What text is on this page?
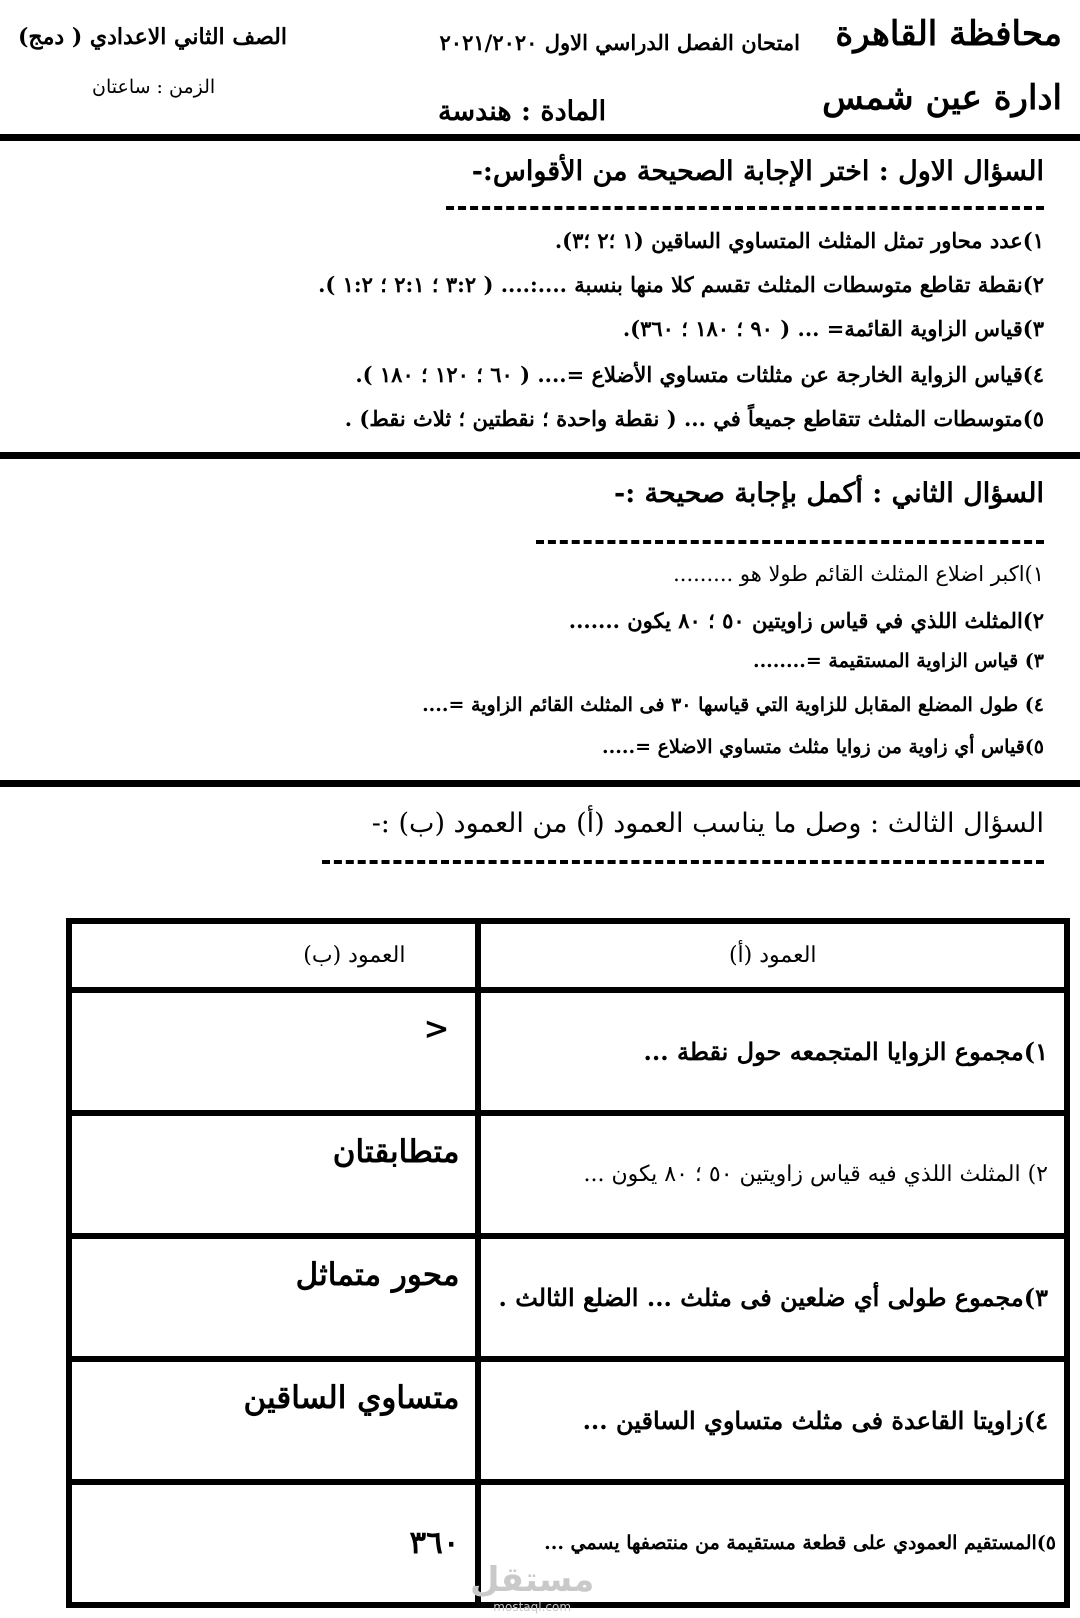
محافظة القاهرة
ادارة عين شمس
امتحان الفصل الدراسي الاول ٢٠٢١/٢٠٢٠
الصف الثاني الاعدادي ( دمج)
الزمن : ساعتان
المادة : هندسة
السؤال الاول : اختر الإجابة الصحيحة من الأقواس:-
١)عدد محاور تمثل المثلث المتساوي الساقين (١ ؛٢ ؛٣).
٢)نقطة تقاطع متوسطات المثلث تقسم كلا منها بنسبة ....:.... ( ٣:٢ ؛ ٢:١ ؛ ١:٢ ).
٣)قياس الزاوية القائمة= ... ( ٩٠ ؛ ١٨٠ ؛ ٣٦٠).
٤)قياس الزواية الخارجة عن مثلثات متساوي الأضلاع =.... ( ٦٠ ؛ ١٢٠ ؛ ١٨٠ ).
٥)متوسطات المثلث تتقاطع جميعاً في ... ( نقطة واحدة ؛ نقطتين ؛ ثلاث نقط) .
السؤال الثاني : أكمل بإجابة صحيحة :-
١)اكبر اضلاع المثلث القائم طولا هو .........
٢)المثلث اللذي في قياس زاويتين ٥٠ ؛ ٨٠ يكون .......
٣) قياس الزاوية المستقيمة =........
٤) طول المضلع المقابل للزاوية التي قياسها ٣٠ فى المثلث القائم الزاوية =....
٥)قياس أي زاوية من زوايا مثلث متساوي الاضلاع =.....
السؤال الثالث : وصل ما يناسب العمود (أ) من العمود (ب) :-
العمود (أ)	العمود (ب)
١)مجموع الزوايا المتجمعه حول نقطة ...	<
٢) المثلث اللذي فيه قياس زاويتين ٥٠ ؛ ٨٠ يكون ...	متطابقتان
٣)مجموع طولى أي ضلعين فى مثلث ... الضلع الثالث .	محور متماثل
٤)زاويتا القاعدة فى مثلث متساوي الساقين ...	متساوي الساقين
٥)المستقيم العمودي على قطعة مستقيمة من منتصفها يسمي ...	٣٦٠
مستقل
mostaql.com
